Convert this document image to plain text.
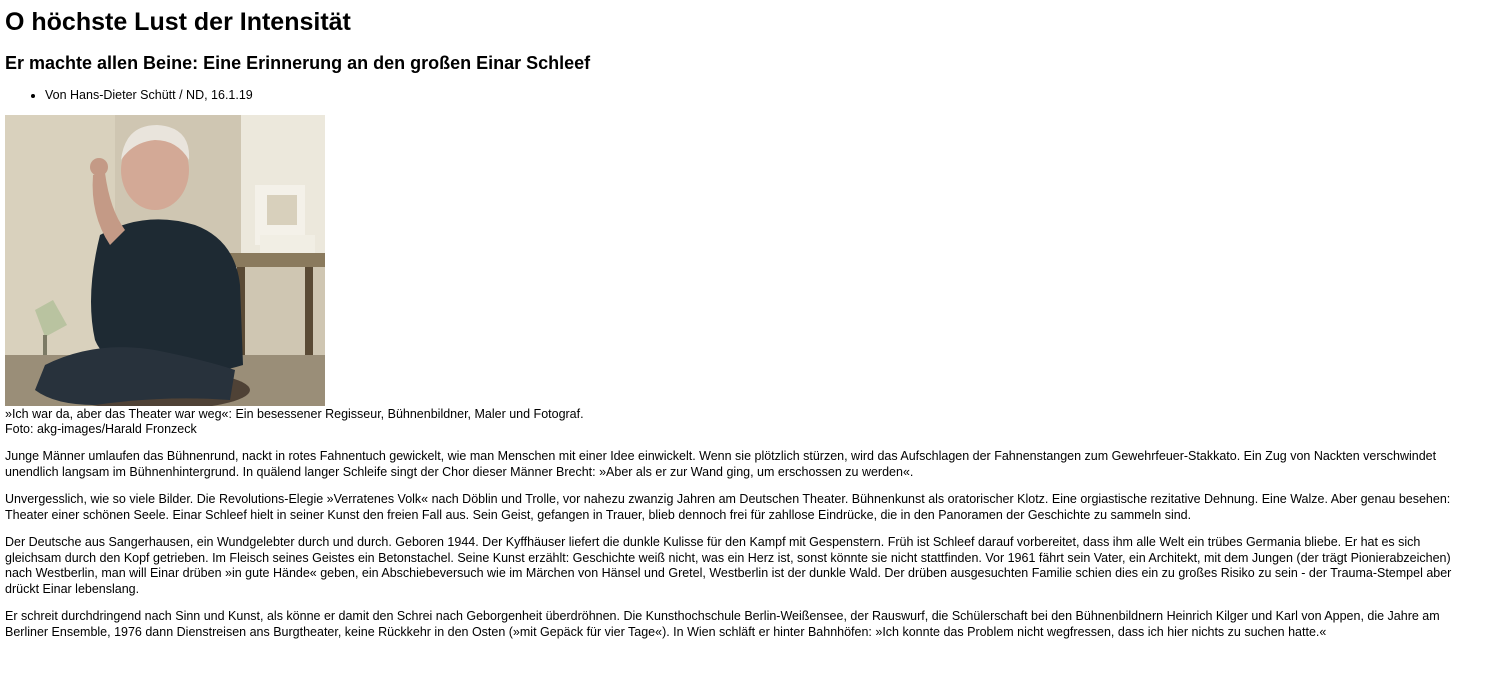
O höchste Lust der Intensität
Er machte allen Beine: Eine Erinnerung an den großen Einar Schleef
• Von Hans-Dieter Schütt / ND, 16.1.19
»Ich war da, aber das Theater war weg«: Ein besessener Regisseur, Bühnenbildner, Maler und Fotograf.
Foto: akg-images/Harald Fronzeck

Junge Männer umlaufen das Bühnenrund, nackt in rotes Fahnentuch gewickelt, wie man Menschen mit einer Idee einwickelt. Wenn sie plötzlich stürzen, wird das Aufschlagen der Fahnenstangen zum Gewehrfeuer-Stakkato. Ein Zug von Nackten verschwindet unendlich langsam im Bühnenhintergrund. In quälend langer Schleife singt der Chor dieser Männer Brecht: »Aber als er zur Wand ging, um erschossen zu werden«.

Unvergesslich, wie so viele Bilder. Die Revolutions-Elegie »Verratenes Volk« nach Döblin und Trolle, vor nahezu zwanzig Jahren am Deutschen Theater. Bühnenkunst als oratorischer Klotz. Eine orgiastische rezitative Dehnung. Eine Walze. Aber genau besehen: Theater einer schönen Seele. Einar Schleef hielt in seiner Kunst den freien Fall aus. Sein Geist, gefangen in Trauer, blieb dennoch frei für zahllose Eindrücke, die in den Panoramen der Geschichte zu sammeln sind.

Der Deutsche aus Sangerhausen, ein Wundgelebter durch und durch. Geboren 1944. Der Kyffhäuser liefert die dunkle Kulisse für den Kampf mit Gespenstern. Früh ist Schleef darauf vorbereitet, dass ihm alle Welt ein trübes Germania bliebe. Er hat es sich gleichsam durch den Kopf getrieben. Im Fleisch seines Geistes ein Betonstachel. Seine Kunst erzählt: Geschichte weiß nicht, was ein Herz ist, sonst könnte sie nicht stattfinden. Vor 1961 fährt sein Vater, ein Architekt, mit dem Jungen (der trägt Pionierabzeichen) nach Westberlin, man will Einar drüben »in gute Hände« geben, ein Abschiebeversuch wie im Märchen von Hänsel und Gretel, Westberlin ist der dunkle Wald. Der drüben ausgesuchten Familie schien dies ein zu großes Risiko zu sein - der Trauma-Stempel aber drückt Einar lebenslang.

Er schreit durchdringend nach Sinn und Kunst, als könne er damit den Schrei nach Geborgenheit überdröhnen. Die Kunsthochschule Berlin-Weißensee, der Rauswurf, die Schülerschaft bei den Bühnenbildnern Heinrich Kilger und Karl von Appen, die Jahre am Berliner Ensemble, 1976 dann Dienstreisen ans Burgtheater, keine Rückkehr in den Osten (»mit Gepäck für vier Tage«). In Wien schläft er hinter Bahnhöfen: »Ich konnte das Problem nicht wegfressen, dass ich hier nichts zu suchen hatte.«
